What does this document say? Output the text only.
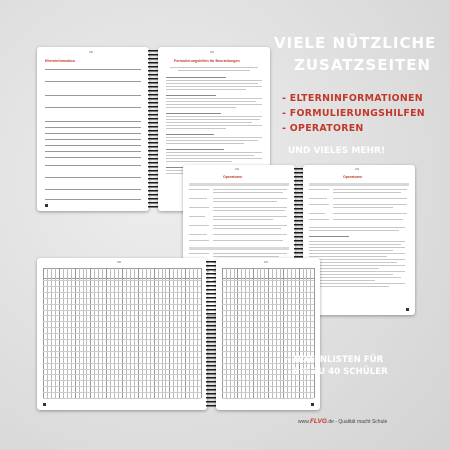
190
Elterninformation
191
Formulierungshilfen für Beurteilungen
192
Operatoren
193
Operatoren
196	197
VIELE NÜTZLICHE
ZUSATZSEITEN
- ELTERNINFORMATIONEN
- FORMULIERUNGSHILFEN
- OPERATOREN
UND VIELES MEHR!
- NOTENLISTEN FÜR
BIS ZU 40 SCHÜLER
www.FLVG.de - Qualität macht Schule
